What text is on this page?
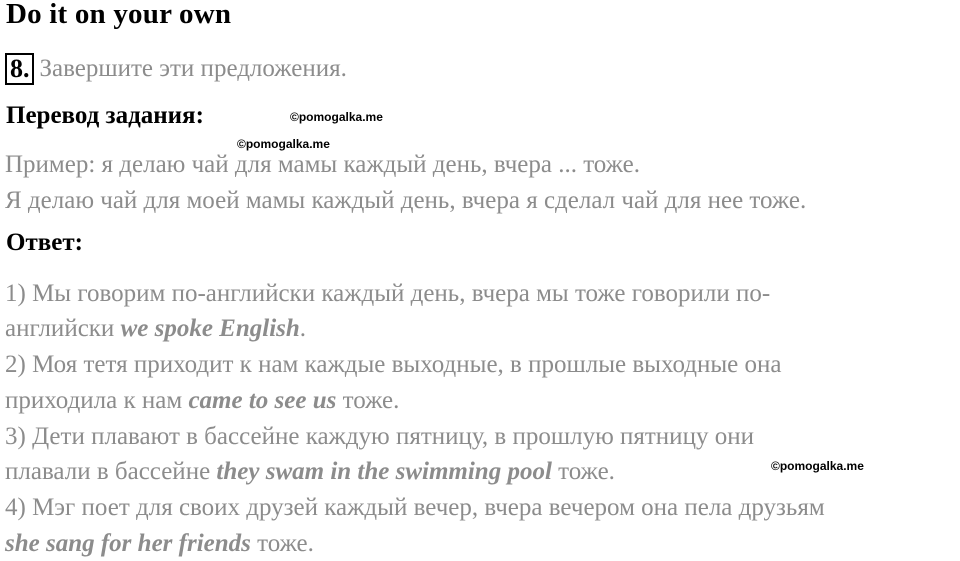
Do it on your own
8. Завершите эти предложения.
Перевод задания:	©pomogalka.me
©pomogalka.me
Пример: я делаю чай для мамы каждый день, вчера ... тоже.
Я делаю чай для моей мамы каждый день, вчера я сделал чай для нее тоже.
Ответ:
1) Мы говорим по-английски каждый день, вчера мы тоже говорили по-
английски we spoke English.
2) Моя тетя приходит к нам каждые выходные, в прошлые выходные она
приходила к нам came to see us тоже.
3) Дети плавают в бассейне каждую пятницу, в прошлую пятницу они
плавали в бассейне they swam in the swimming pool тоже.	©pomogalka.me
4) Мэг поет для своих друзей каждый вечер, вчера вечером она пела друзьям
she sang for her friends тоже.
